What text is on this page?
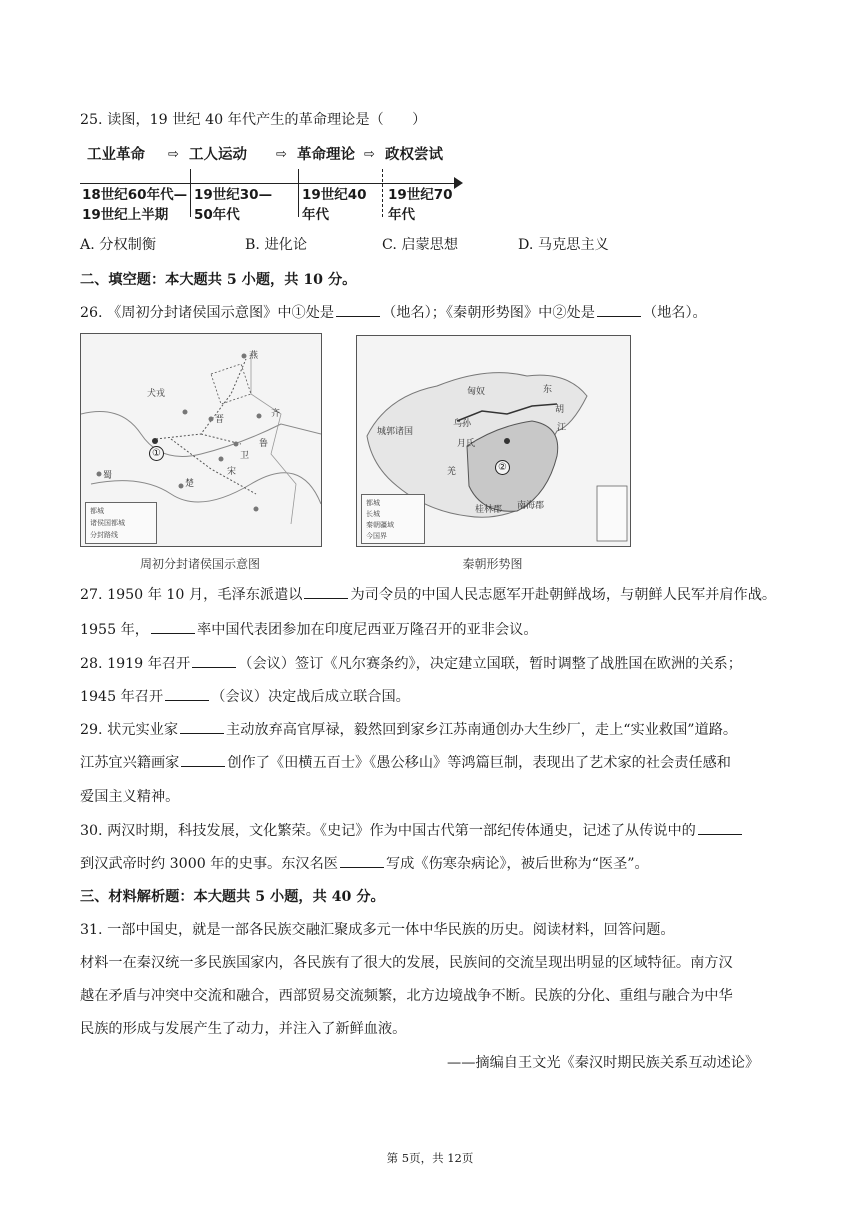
25. 读图，19 世纪 40 年代产生的革命理论是（　　）
工业革命 ⇨ 工人运动 ⇨ 革命理论 ⇨ 政权尝试
18世纪60年代—
19世纪上半期
19世纪30—
50年代
19世纪40
年代
19世纪70
年代
A. 分权制衡	B. 进化论	C. 启蒙思想	D. 马克思主义
二、填空题：本大题共 5 小题，共 10 分。
26. 《周初分封诸侯国示意图》中①处是	（地名）；《秦朝形势图》中②处是	（地名）。
犬戎
燕
齐
鲁
宋
晋
卫
楚
蜀
①
都城
诸侯国都城
分封路线
周初分封诸侯国示意图
匈奴	东
胡
月氏
羌
乌孙
城郭诸国	江
桂林郡 南海郡
②
都城
长城
秦朝疆域
今国界
秦朝形势图
27. 1950 年 10 月，毛泽东派遣以	为司令员的中国人民志愿军开赴朝鲜战场，与朝鲜人民军并肩作战。
1955 年，	率中国代表团参加在印度尼西亚万隆召开的亚非会议。
28. 1919 年召开	（会议）签订《凡尔赛条约》，决定建立国联，暂时调整了战胜国在欧洲的关系；
1945 年召开	（会议）决定战后成立联合国。
29. 状元实业家	主动放弃高官厚禄，毅然回到家乡江苏南通创办大生纱厂，走上“实业救国”道路。
江苏宜兴籍画家	创作了《田横五百士》《愚公移山》等鸿篇巨制，表现出了艺术家的社会责任感和
爱国主义精神。
30. 两汉时期，科技发展，文化繁荣。《史记》作为中国古代第一部纪传体通史，记述了从传说中的
到汉武帝时约 3000 年的史事。东汉名医	写成《伤寒杂病论》，被后世称为“医圣”。
三、材料解析题：本大题共 5 小题，共 40 分。
31. 一部中国史，就是一部各民族交融汇聚成多元一体中华民族的历史。阅读材料，回答问题。
材料一在秦汉统一多民族国家内，各民族有了很大的发展，民族间的交流呈现出明显的区域特征。南方汉
越在矛盾与冲突中交流和融合，西部贸易交流频繁，北方边境战争不断。民族的分化、重组与融合为中华
民族的形成与发展产生了动力，并注入了新鲜血液。
——摘编自王文光《秦汉时期民族关系互动述论》
第 5页，共 12页
